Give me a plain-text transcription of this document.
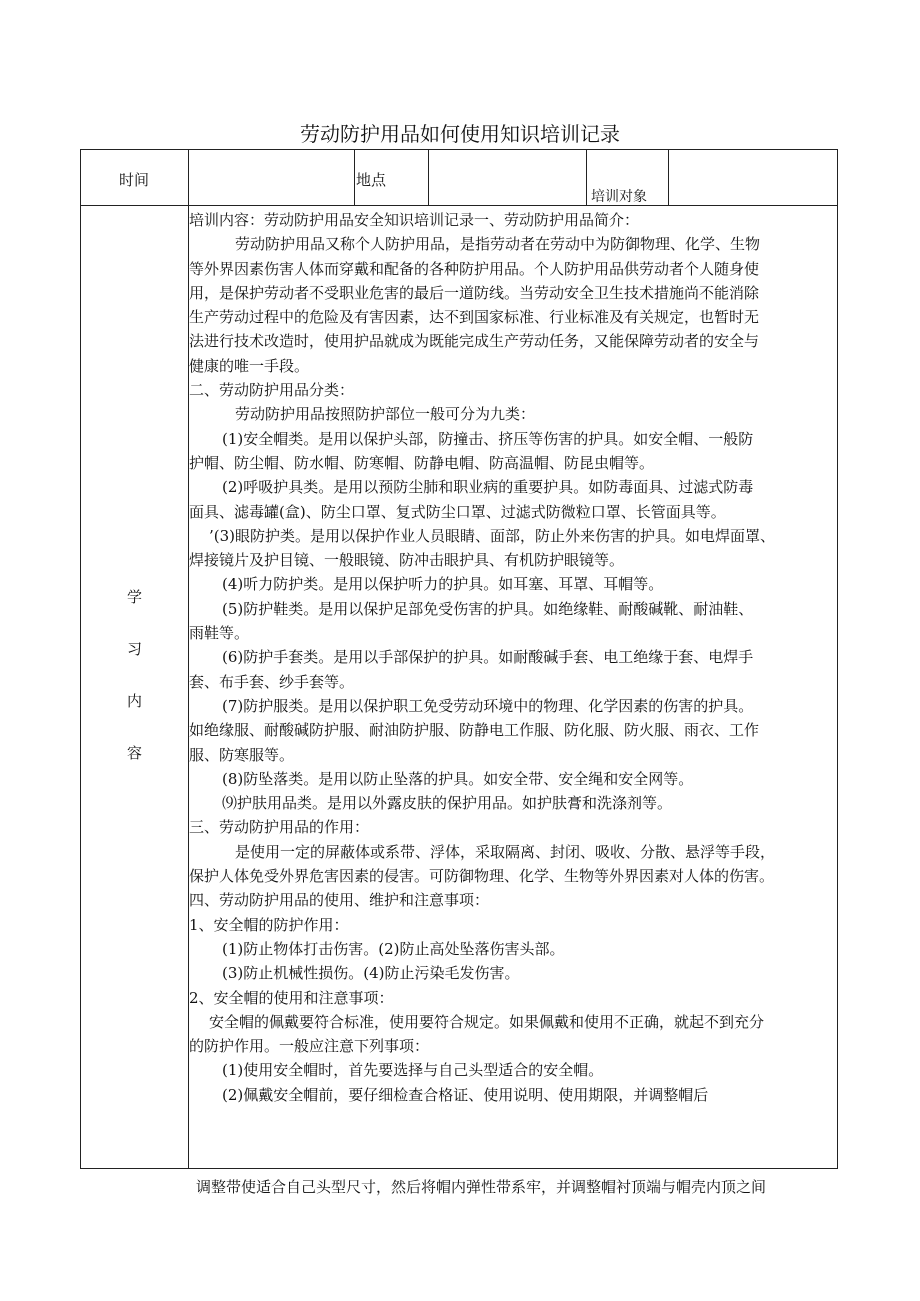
劳动防护用品如何使用知识培训记录
时间	地点
培训对象
学
习
内
容

培训内容：劳动防护用品安全知识培训记录一、劳动防护用品简介：

劳动防护用品又称个人防护用品，是指劳动者在劳动中为防御物理、化学、生物

等外界因素伤害人体而穿戴和配备的各种防护用品。个人防护用品供劳动者个人随身使

用，是保护劳动者不受职业危害的最后一道防线。当劳动安全卫生技术措施尚不能消除

生产劳动过程中的危险及有害因素，达不到国家标准、行业标准及有关规定，也暂时无

法进行技术改造时，使用护品就成为既能完成生产劳动任务，又能保障劳动者的安全与

健康的唯一手段。

二、劳动防护用品分类：

劳动防护用品按照防护部位一般可分为九类：

(1)安全帽类。是用以保护头部，防撞击、挤压等伤害的护具。如安全帽、一般防

护帽、防尘帽、防水帽、防寒帽、防静电帽、防高温帽、防昆虫帽等。

(2)呼吸护具类。是用以预防尘肺和职业病的重要护具。如防毒面具、过滤式防毒

面具、滤毒罐(盒)、防尘口罩、复式防尘口罩、过滤式防微粒口罩、长管面具等。

’(3)眼防护类。是用以保护作业人员眼睛、面部，防止外来伤害的护具。如电焊面罩、

焊接镜片及护目镜、一般眼镜、防冲击眼护具、有机防护眼镜等。

(4)听力防护类。是用以保护听力的护具。如耳塞、耳罩、耳帽等。

(5)防护鞋类。是用以保护足部免受伤害的护具。如绝缘鞋、耐酸碱靴、耐油鞋、

雨鞋等。

(6)防护手套类。是用以手部保护的护具。如耐酸碱手套、电工绝缘于套、电焊手

套、布手套、纱手套等。

(7)防护服类。是用以保护职工免受劳动环境中的物理、化学因素的伤害的护具。

如绝缘服、耐酸碱防护服、耐油防护服、防静电工作服、防化服、防火服、雨衣、工作

服、防寒服等。

(8)防坠落类。是用以防止坠落的护具。如安全带、安全绳和安全网等。

⑼护肤用品类。是用以外露皮肤的保护用品。如护肤膏和洗涤剂等。

三、劳动防护用品的作用：

是使用一定的屏蔽体或系带、浮体，采取隔离、封闭、吸收、分散、悬浮等手段，

保护人体免受外界危害因素的侵害。可防御物理、化学、生物等外界因素对人体的伤害。

四、劳动防护用品的使用、维护和注意事项：

1、安全帽的防护作用：

(1)防止物体打击伤害。(2)防止高处坠落伤害头部。

(3)防止机械性损伤。(4)防止污染毛发伤害。

2、安全帽的使用和注意事项：

安全帽的佩戴要符合标准，使用要符合规定。如果佩戴和使用不正确，就起不到充分

的防护作用。一般应注意下列事项：

(1)使用安全帽时，首先要选择与自己头型适合的安全帽。

(2)佩戴安全帽前，要仔细检查合格证、使用说明、使用期限，并调整帽后

调整带使适合自己头型尺寸，然后将帽内弹性带系牢，并调整帽衬顶端与帽壳内顶之间
